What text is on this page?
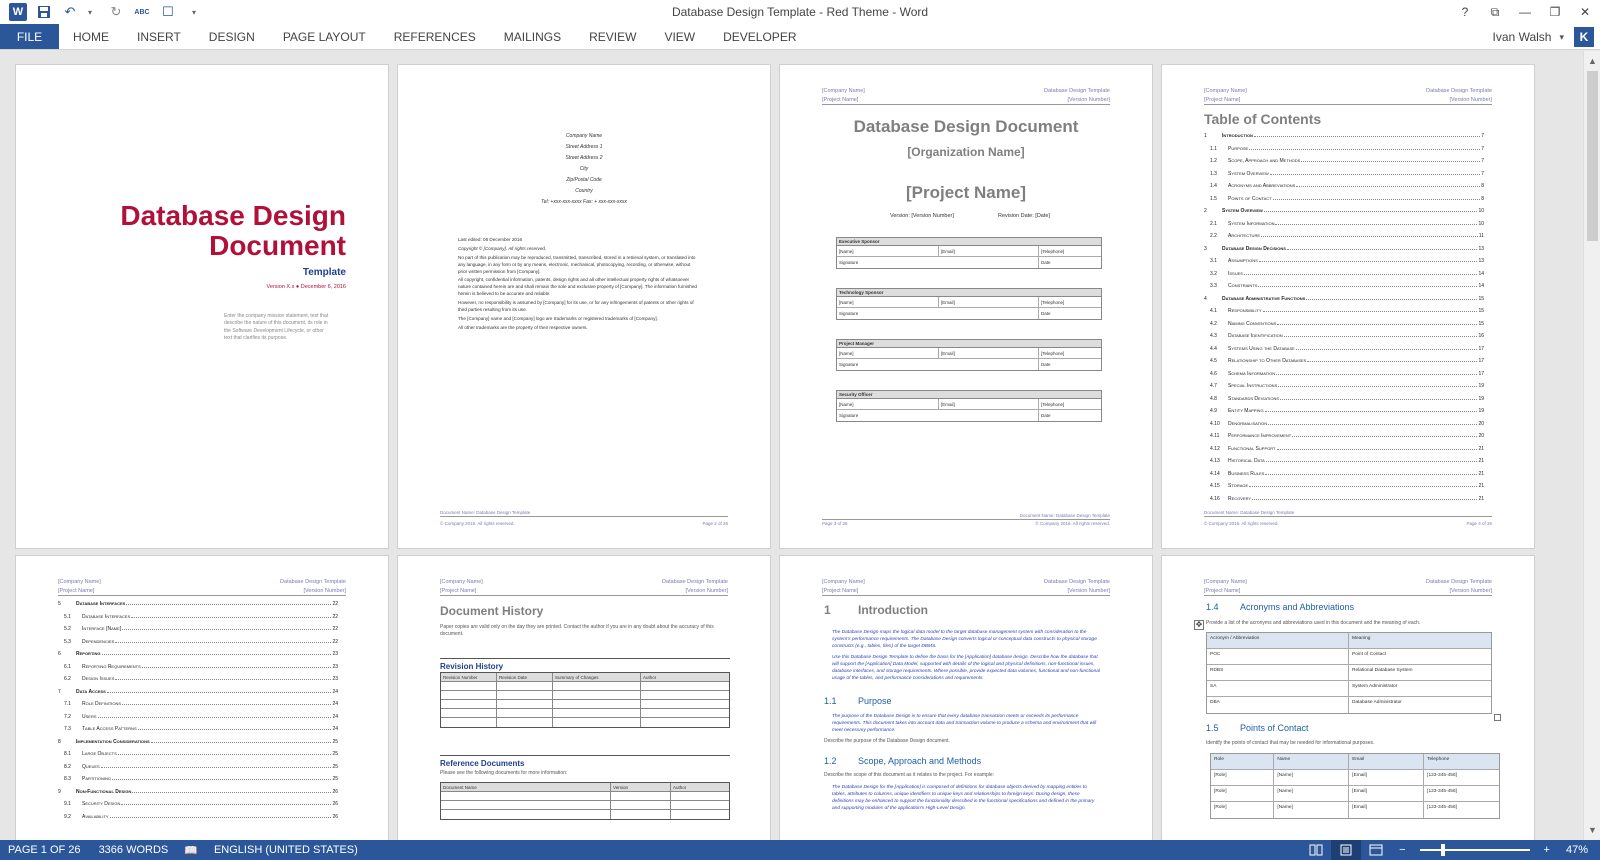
W	↶	▾	↻	ABC ☐	▾	Database Design Template - Red Theme - Word	?	⧉	—	❐	✕
FILE	HOME	INSERT	DESIGN	PAGE LAYOUT	REFERENCES	MAILINGS	REVIEW	VIEW	DEVELOPER	Ivan Walsh ▾	K
Database Design
Document
Template
Version X.x ● December 6, 2016
Enter the company mission statement, text that describe the nature of this document, its role in the Software Development Lifecycle, or other text that clarifies its purpose.
Company Name
Street Address 1
Street Address 2
City
Zip/Postal Code
Country
Tel: +xxx-xxx-xxxx Fax: + xxx-xxx-xxxx

Last edited: 06 December 2016

Copyright © [Company]. All rights reserved.

No part of this publication may be reproduced, transmitted, transcribed, stored in a retrieval system, or translated into any language, in any form or by any means, electronic, mechanical, photocopying, recording, or otherwise, without prior written permission from [Company].

All copyright, confidential information, patents, design rights and all other intellectual property rights of whatsoever nature contained herein are and shall remain the sole and exclusive property of [Company]. The information furnished herein is believed to be accurate and reliable.

However, no responsibility is assumed by [Company] for its use, or for any infringements of patents or other rights of third parties resulting from its use.

The [Company] name and [Company] logo are trademarks or registered trademarks of [Company].

All other trademarks are the property of their respective owners.

Document Name: Database Design Template
© Company 2016. All rights reserved.	Page 2 of 26
[Company Name]
[Project Name]
Database Design Template
[Version Number]
Database Design Document
[Organization Name]
[Project Name]
Version: [Version Number]	Revision Date: [Date]
Executive Sponsor
[Name]	[Email]	[Telephone]
Signature	Date
Technology Sponsor
[Name]	[Email]	[Telephone]
Signature	Date
Project Manager
[Name]	[Email]	[Telephone]
Signature	Date
Security Officer
[Name]	[Email]	[Telephone]
Signature	Date
Document Name: Database Design Template
Page 3 of 26	© Company 2016. All rights reserved.
[Company Name]
[Project Name]
Database Design Template
[Version Number]
Table of Contents
1	Introduction	7
1.1	Purpose	7
1.2	Scope, Approach and Methods	7
1.3	System Overview	7
1.4	Acronyms and Abbreviations	8
1.5	Points of Contact	8
2	System Overview	10
2.1	System Information	10
2.2	Architecture	11
3	Database Design Decisions	13
3.1	Assumptions	13
3.2	Issues	14
3.3	Constraints	14
4	Database Administrative Functions	15
4.1	Responsibility	15
4.2	Naming Conventions	15
4.3	Database Identification	16
4.4	Systems Using the Database	17
4.5	Relationship to Other Databases	17
4.6	Schema Information	17
4.7	Special Instructions	19
4.8	Standards Deviations	19
4.9	Entity Mapping	19
4.10	Denormalisation	20
4.11	Performance Improvement	20
4.12	Functional Support	21
4.13	Historical Data	21
4.14	Business Rules	21
4.15	Storage	21
4.16	Recovery	21
Document Name: Database Design Template
© Company 2016. All rights reserved.	Page 4 of 26
[Company Name]
[Project Name]
Database Design Template
[Version Number]
5	Database Interfaces	22
5.1	Database Interfaces	22
5.2	Interface [Name]	22
5.3	Dependencies	22
6	Reporting	23
6.1	Reporting Requirements	23
6.2	Design Issues	23
7	Data Access	24
7.1	Role Definitions	24
7.2	Users	24
7.3	Table Access Patterns	24
8	Implementation Considerations	25
8.1	Large Objects	25
8.2	Queues	25
8.3	Partitioning	25
9	Non-Functional Design	26
9.1	Security Design	26
9.2	Availability	26
[Company Name]
[Project Name]
Database Design Template
[Version Number]
Document History
Paper copies are valid only on the day they are printed. Contact the author if you are in any doubt about the accuracy of this document.
Revision History
Revision Number	Revision Date	Summary of Changes	Author
Reference Documents
Please see the following documents for more information:
Document Name	Version	Author
[Company Name]
[Project Name]
Database Design Template
[Version Number]
1 Introduction
The Database Design maps the logical data model to the target database management system with consideration to the system's performance requirements. The Database Design converts logical or conceptual data constructs to physical storage constructs (e.g., tables, files) of the target DBMS.
Use this Database Design Template to define the basis for the [Application] database design. Describe how the database that will support the [Application] Data Model, supported with details of the logical and physical definitions, non-functional issues, database interfaces, and storage requirements. Where possible, provide expected data volumes, functional and non-functional usage of the tables, and performance considerations and requirements.
1.1 Purpose
The purpose of the Database Design is to ensure that every database transaction meets or exceeds its performance requirements. This document takes into account data and transaction volume to produce a schema and environment that will meet necessary performance.
Describe the purpose of the Database Design document.
1.2 Scope, Approach and Methods
Describe the scope of this document as it relates to the project. For example:
The Database Design for the [Application] is composed of definitions for database objects derived by mapping entities to tables, attributes to columns, unique identifiers to unique keys and relationships to foreign keys. During design, these definitions may be enhanced to support the functionality described in the functional specifications and defined in the primary and supporting modules of the application's High-Level Design.
[Company Name]
[Project Name]
Database Design Template
[Version Number]
1.4 Acronyms and Abbreviations
✥ Provide a list of the acronyms and abbreviations used in this document and the meaning of each.
Acronym / Abbreviation	Meaning
POC	Point of Contact
RDBS	Relational Database System
SA	System Administrator
DBA	Database Administrator
1.5 Points of Contact
Identify the points of contact that may be needed for informational purposes.
Role	Name	Email	Telephone
[Role]	[Name]	[Email]	[123-345-456]
[Role]	[Name]	[Email]	[123-345-456]
[Role]	[Name]	[Email]	[123-345-456]
▲
▼
PAGE 1 OF 26	3366 WORDS	📖	ENGLISH (UNITED STATES)	−	+	47%
